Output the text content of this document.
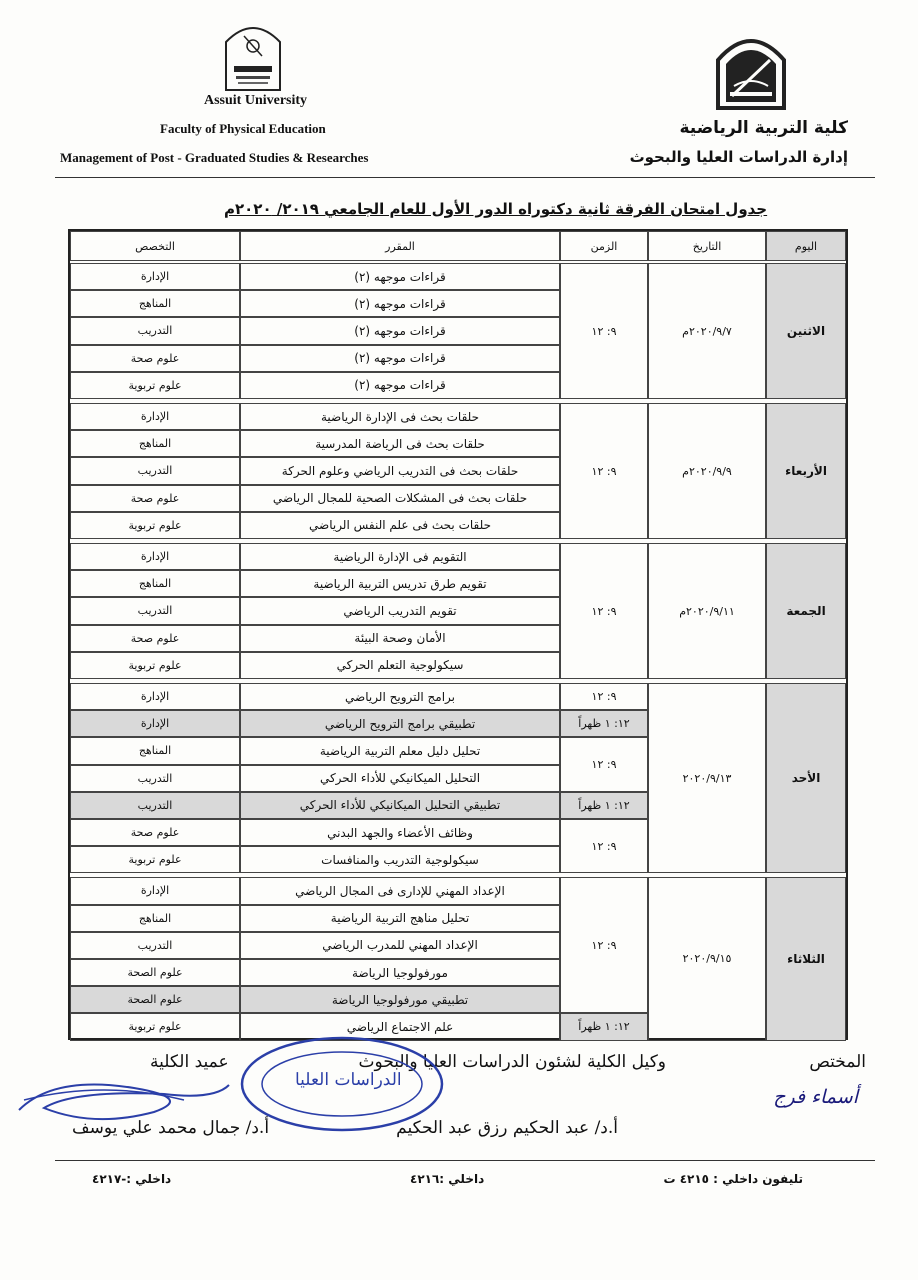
Assuit University
Faculty of Physical Education
Management of Post - Graduated Studies & Researches
كلية التربية الرياضية
إدارة الدراسات العليا والبحوث
جدول امتحان الفرقة ثانية دكتوراه الدور الأول للعام الجامعي ٢٠١٩/ ٢٠٢٠م
اليوم
التاريخ
الزمن
المقرر
التخصص
الاثنين
٢٠٢٠/٩/٧م
٩: ١٢
قراءات موجهه (٢)
الإدارة
قراءات موجهه (٢)
المناهج
قراءات موجهه (٢)
التدريب
قراءات موجهه (٢)
علوم صحة
قراءات موجهه (٢)
علوم تربوية
الأربعاء
٢٠٢٠/٩/٩م
٩: ١٢
حلقات بحث فى الإدارة الرياضية
الإدارة
حلقات بحث فى الرياضة المدرسية
المناهج
حلقات بحث فى التدريب الرياضي وعلوم الحركة
التدريب
حلقات بحث فى المشكلات الصحية للمجال الرياضي
علوم صحة
حلقات بحث فى علم النفس الرياضي
علوم تربوية
الجمعة
٢٠٢٠/٩/١١م
٩: ١٢
التقويم فى الإدارة الرياضية
الإدارة
تقويم طرق تدريس التربية الرياضية
المناهج
تقويم التدريب الرياضي
التدريب
الأمان وصحة البيئة
علوم صحة
سيكولوجية التعلم الحركي
علوم تربوية
الأحد
٢٠٢٠/٩/١٣
٩: ١٢
١٢: ١ ظهراً
٩: ١٢
١٢: ١ ظهراً
٩: ١٢
برامج الترويح الرياضي
الإدارة
تطبيقي برامج الترويح الرياضي
الإدارة
تحليل دليل معلم التربية الرياضية
المناهج
التحليل الميكانيكي للأداء الحركي
التدريب
تطبيقي التحليل الميكانيكي للأداء الحركي
التدريب
وظائف الأعضاء والجهد البدني
علوم صحة
سيكولوجية التدريب والمنافسات
علوم تربوية
الثلاثاء
٢٠٢٠/٩/١٥
٩: ١٢
١٢: ١ ظهراً
الإعداد المهني للإدارى فى المجال الرياضي
الإدارة
تحليل مناهج التربية الرياضية
المناهج
الإعداد المهني للمدرب الرياضي
التدريب
مورفولوجيا الرياضة
علوم الصحة
تطبيقي مورفولوجيا الرياضة
علوم الصحة
علم الاجتماع الرياضي
علوم تربوية
المختص
أسماء فرج
وكيل الكلية لشئون الدراسات العليا والبحوث
عميد الكلية
أ.د/ عبد الحكيم رزق عبد الحكيم
أ.د/ جمال محمد علي يوسف
الدراسات العليا
تليفون داخلي : ٤٢١٥ ت
داخلي :٤٢١٦
داخلي :-٤٢١٧
